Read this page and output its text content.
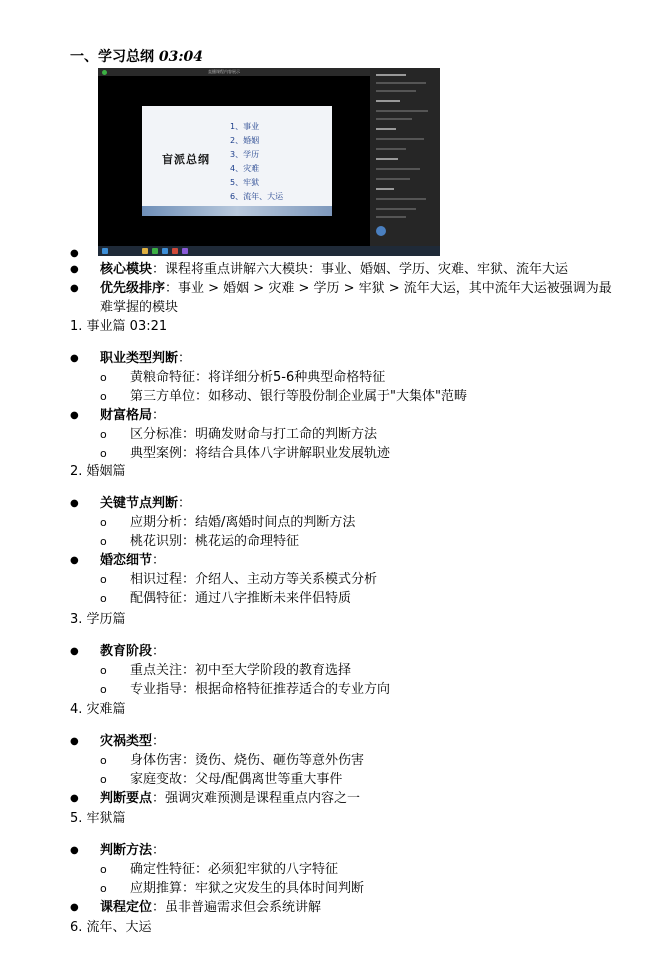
一、学习总纲 03:04
直播课程内容展示
盲派总纲
1、事业
2、婚姻
3、学历
4、灾难
5、牢狱
6、流年、大运
●
● 核心模块：课程将重点讲解六大模块：事业、婚姻、学历、灾难、牢狱、流年大运
● 优先级排序：事业 > 婚姻 > 灾难 > 学历 > 牢狱 > 流年大运，其中流年大运被强调为最
难掌握的模块
1. 事业篇 03:21
● 职业类型判断：
o 黄粮命特征：将详细分析5-6种典型命格特征
o 第三方单位：如移动、银行等股份制企业属于"大集体"范畴
● 财富格局：
o 区分标准：明确发财命与打工命的判断方法
o 典型案例：将结合具体八字讲解职业发展轨迹
2. 婚姻篇
● 关键节点判断：
o 应期分析：结婚/离婚时间点的判断方法
o 桃花识别：桃花运的命理特征
● 婚恋细节：
o 相识过程：介绍人、主动方等关系模式分析
o 配偶特征：通过八字推断未来伴侣特质
3. 学历篇
● 教育阶段：
o 重点关注：初中至大学阶段的教育选择
o 专业指导：根据命格特征推荐适合的专业方向
4. 灾难篇
● 灾祸类型：
o 身体伤害：烫伤、烧伤、砸伤等意外伤害
o 家庭变故：父母/配偶离世等重大事件
● 判断要点：强调灾难预测是课程重点内容之一
5. 牢狱篇
● 判断方法：
o 确定性特征：必须犯牢狱的八字特征
o 应期推算：牢狱之灾发生的具体时间判断
● 课程定位：虽非普遍需求但会系统讲解
6. 流年、大运
